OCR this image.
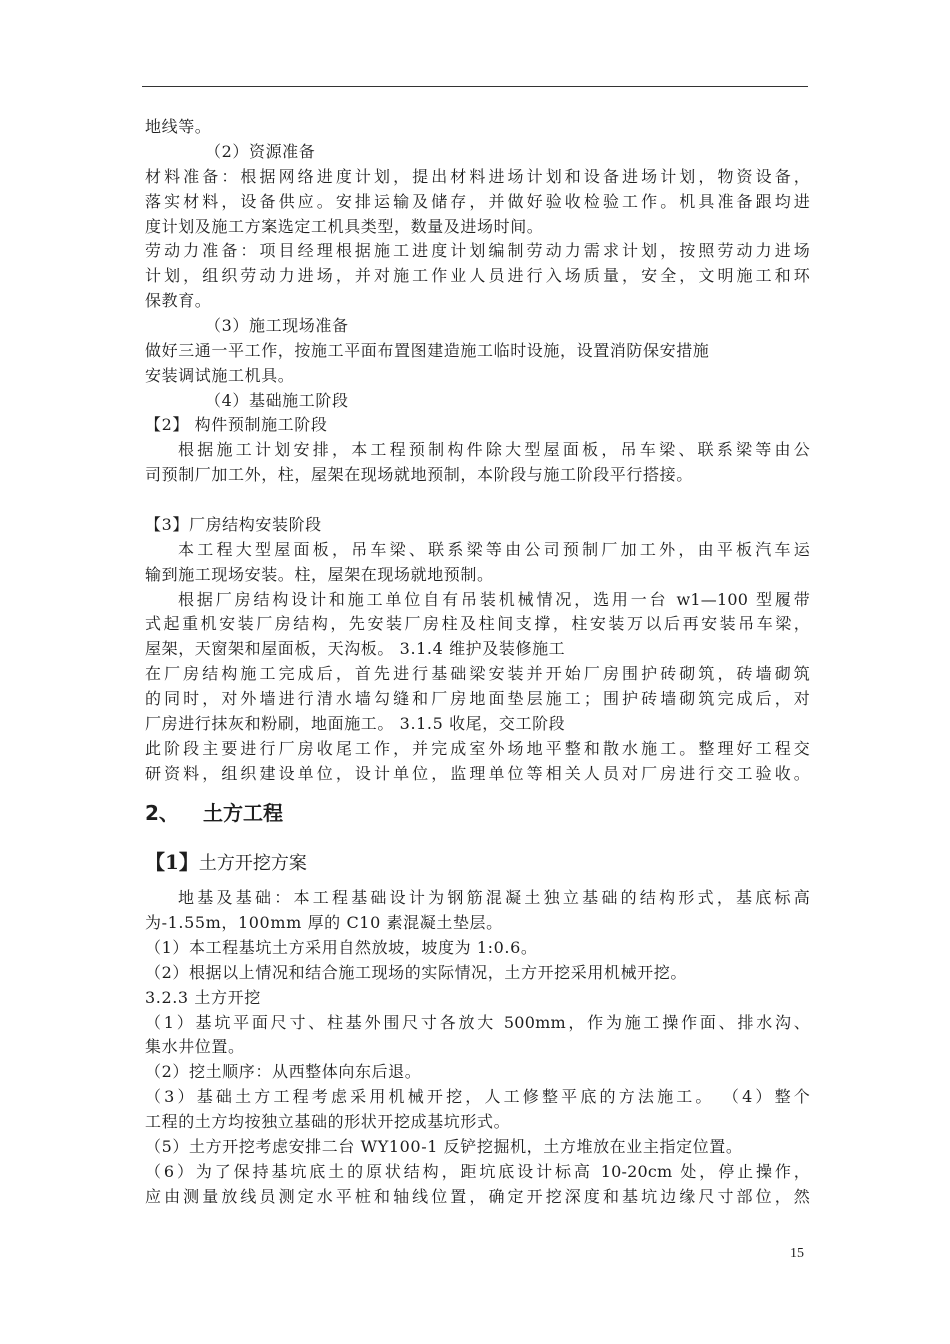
地线等。
（2）资源准备
材料准备：根据网络进度计划，提出材料进场计划和设备进场计划，物资设备，
落实材料，设备供应。安排运输及储存，并做好验收检验工作。机具准备跟均进
度计划及施工方案选定工机具类型，数量及进场时间。
劳动力准备：项目经理根据施工进度计划编制劳动力需求计划，按照劳动力进场
计划，组织劳动力进场，并对施工作业人员进行入场质量，安全，文明施工和环
保教育。
（3）施工现场准备
做好三通一平工作，按施工平面布置图建造施工临时设施，设置消防保安措施
安装调试施工机具。
（4）基础施工阶段
【2】 构件预制施工阶段
根据施工计划安排，本工程预制构件除大型屋面板，吊车梁、联系梁等由公
司预制厂加工外，柱，屋架在现场就地预制，本阶段与施工阶段平行搭接。
【3】厂房结构安装阶段
本工程大型屋面板，吊车梁、联系梁等由公司预制厂加工外，由平板汽车运
输到施工现场安装。柱，屋架在现场就地预制。
根据厂房结构设计和施工单位自有吊装机械情况，选用一台 w1—100 型履带
式起重机安装厂房结构，先安装厂房柱及柱间支撑，柱安装万以后再安装吊车梁，
屋架，天窗架和屋面板，天沟板。 3.1.4 维护及装修施工
在厂房结构施工完成后，首先进行基础梁安装并开始厂房围护砖砌筑，砖墙砌筑
的同时，对外墙进行清水墙勾缝和厂房地面垫层施工；围护砖墙砌筑完成后，对
厂房进行抹灰和粉刷，地面施工。 3.1.5 收尾，交工阶段
此阶段主要进行厂房收尾工作，并完成室外场地平整和散水施工。整理好工程交
研资料，组织建设单位，设计单位，监理单位等相关人员对厂房进行交工验收。
2、 土方工程
【1】土方开挖方案
地基及基础：本工程基础设计为钢筋混凝土独立基础的结构形式，基底标高
为-1.55m，100mm 厚的 C10 素混凝土垫层。
（1）本工程基坑土方采用自然放坡，坡度为 1:0.6。
（2）根据以上情况和结合施工现场的实际情况，土方开挖采用机械开挖。
3.2.3 土方开挖
（1）基坑平面尺寸、柱基外围尺寸各放大 500mm，作为施工操作面、排水沟、
集水井位置。
（2）挖土顺序：从西整体向东后退。
（3）基础土方工程考虑采用机械开挖，人工修整平底的方法施工。 （4）整个
工程的土方均按独立基础的形状开挖成基坑形式。
（5）土方开挖考虑安排二台 WY100-1 反铲挖掘机，土方堆放在业主指定位置。
（6）为了保持基坑底土的原状结构，距坑底设计标高 10-20cm 处，停止操作，
应由测量放线员测定水平桩和轴线位置，确定开挖深度和基坑边缘尺寸部位，然
15
